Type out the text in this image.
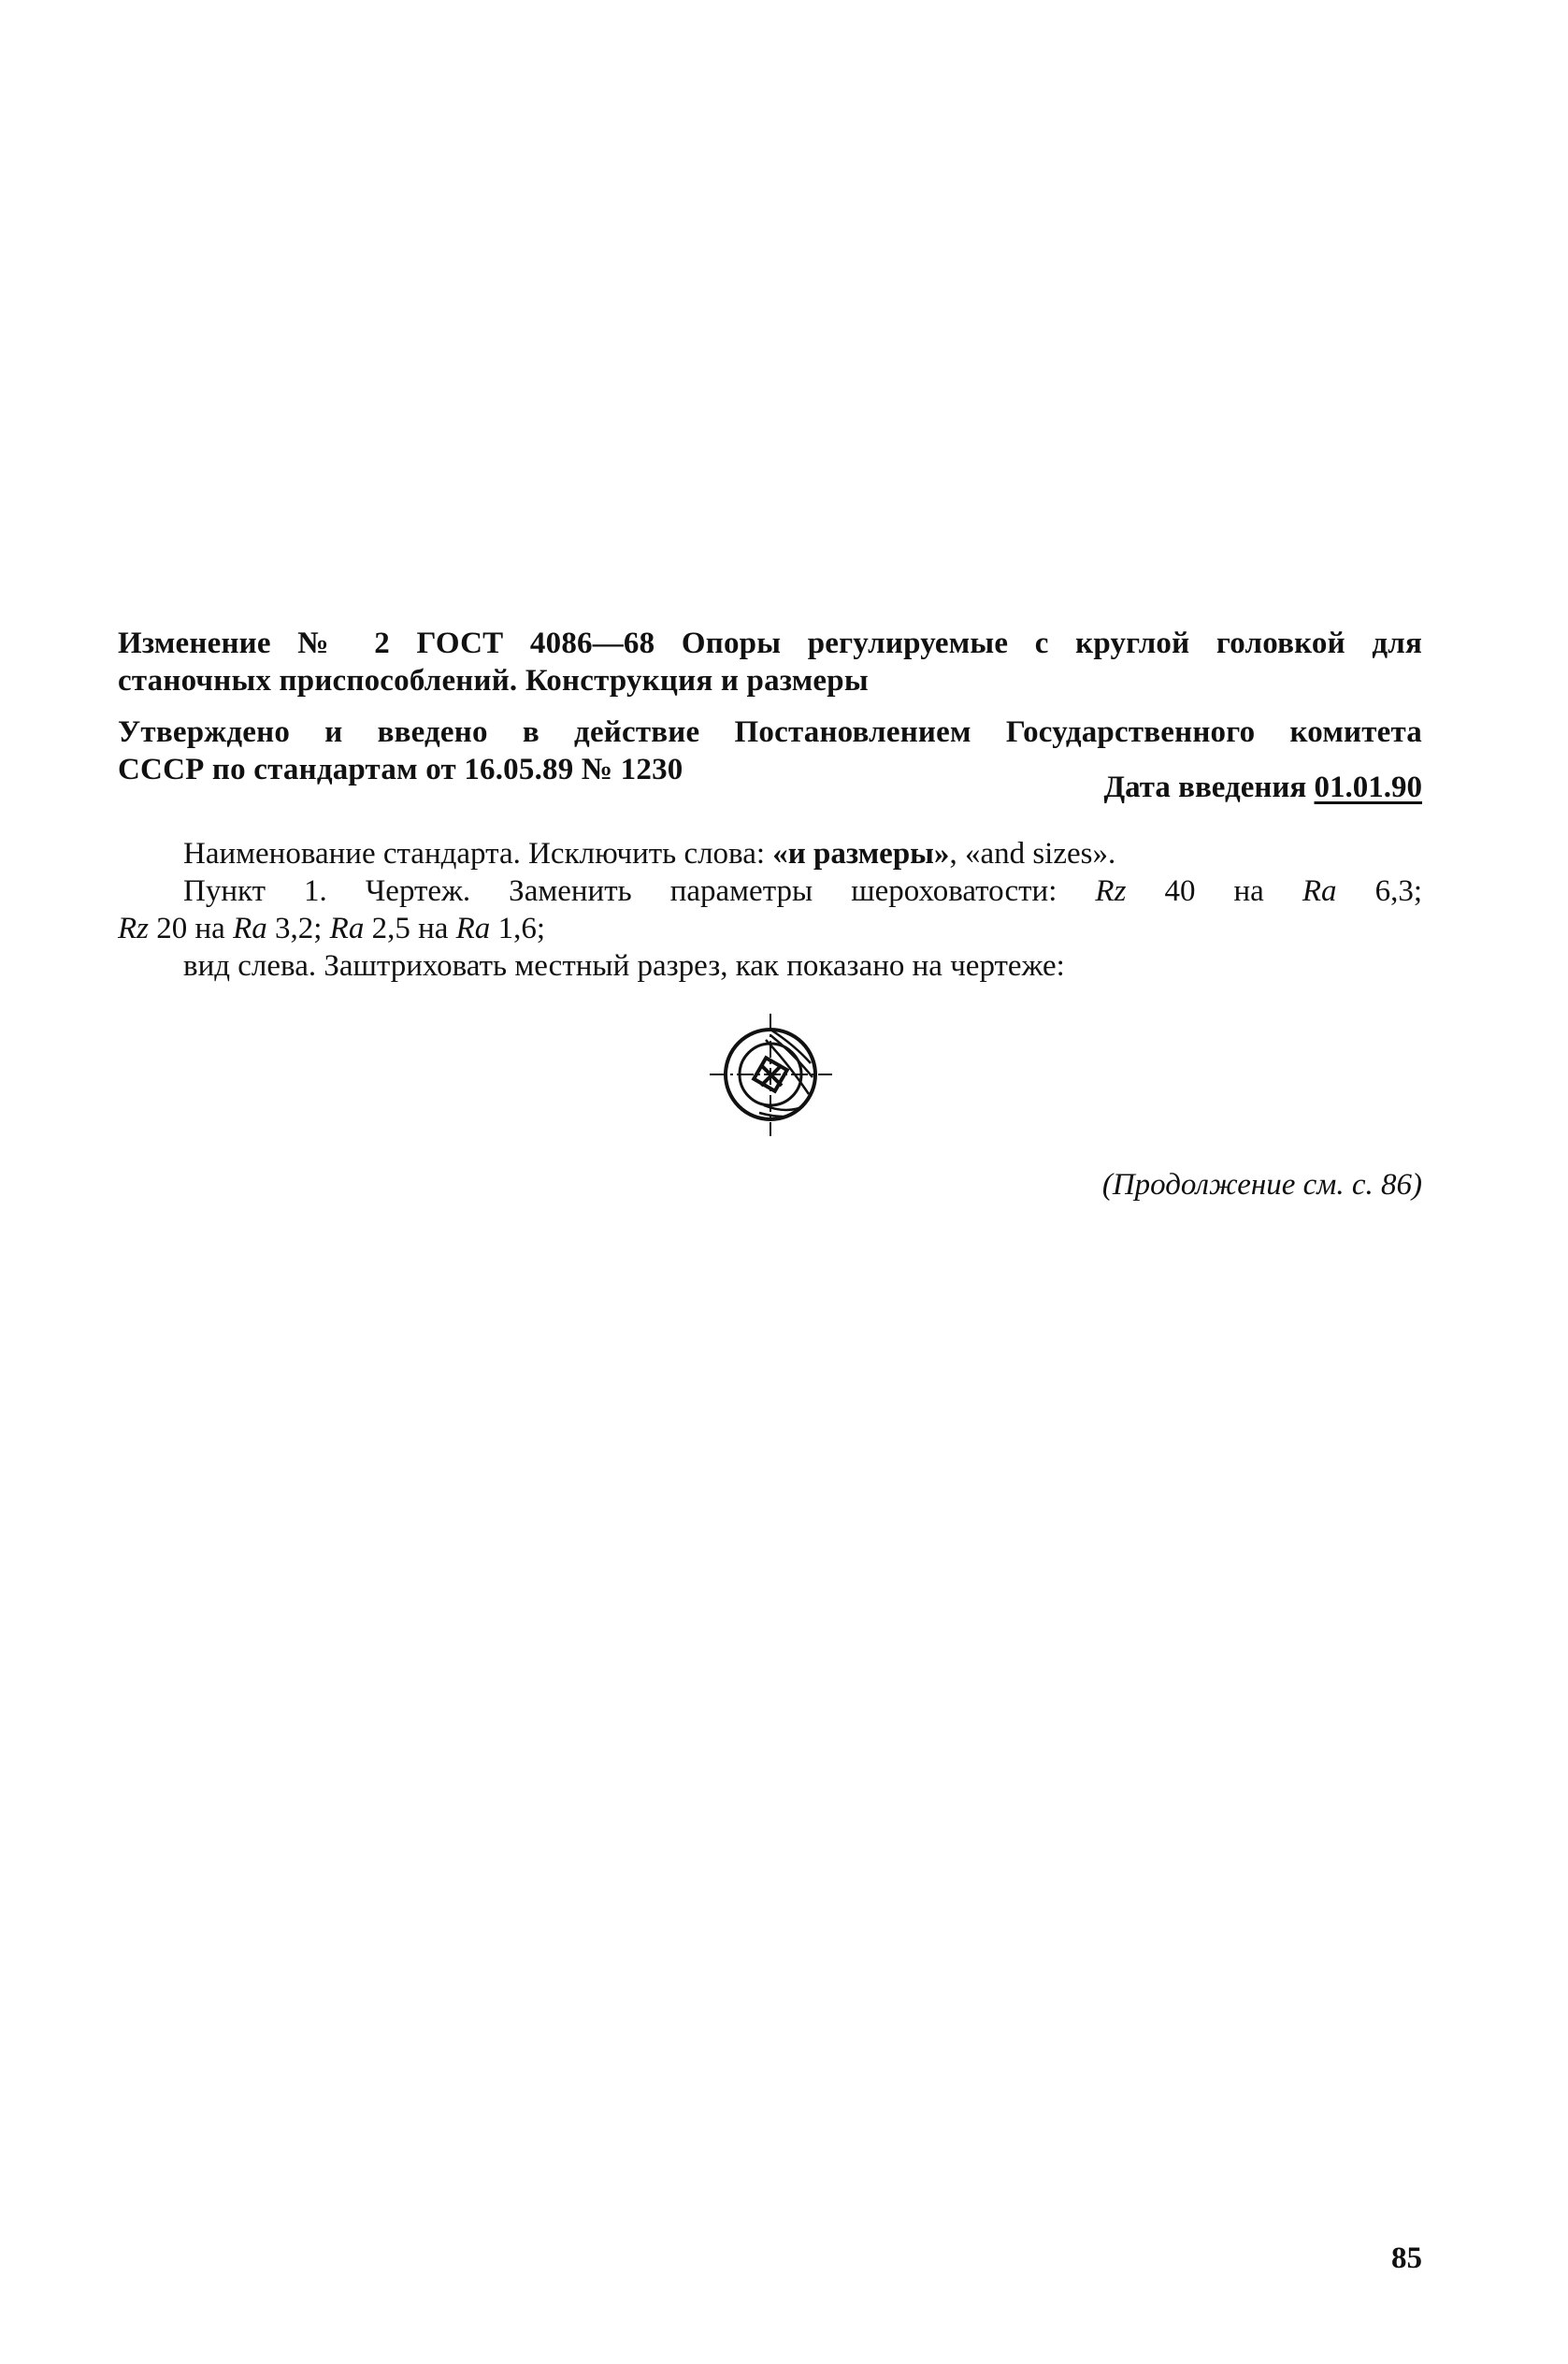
Изменение № 2 ГОСТ 4086—68 Опоры регулируемые с круглой головкой для
станочных приспособлений. Конструкция и размеры
Утверждено и введено в действие Постановлением Государственного комитета
СССР по стандартам от 16.05.89 № 1230
Дата введения 01.01.90
Наименование стандарта. Исключить слова: «и размеры», «and sizes».
Пункт 1. Чертеж. Заменить параметры шероховатости: Rz 40 на Ra 6,3;
Rz 20 на Ra 3,2; Ra 2,5 на Ra 1,6;
вид слева. Заштриховать местный разрез, как показано на чертеже:
(Продолжение см. с. 86)
85
